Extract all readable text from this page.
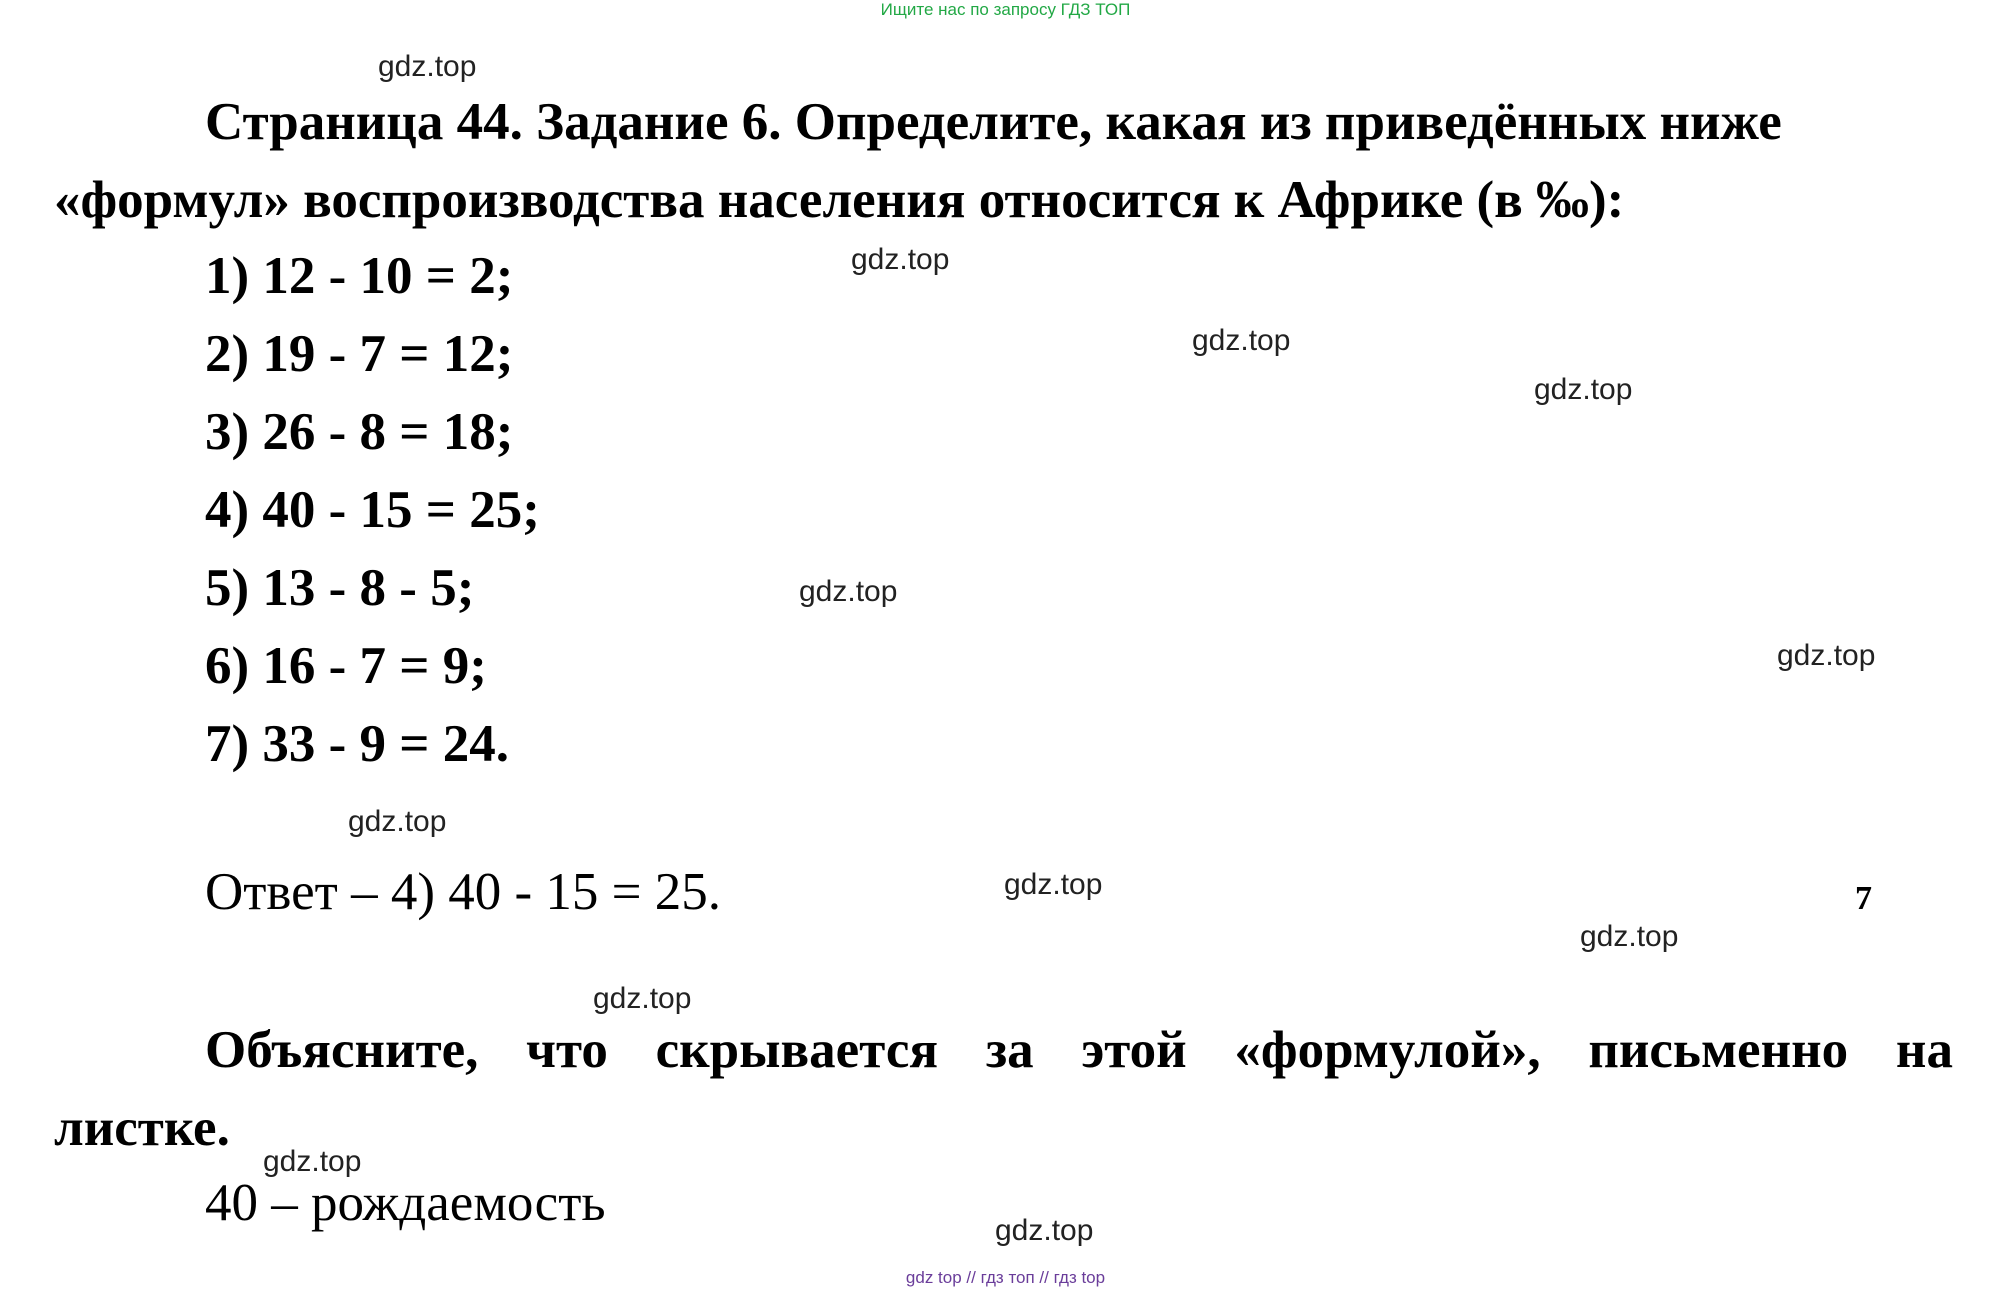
Ищите нас по запросу ГДЗ ТОП
gdz.top
gdz.top
gdz.top
gdz.top
gdz.top
gdz.top
gdz.top
gdz.top
gdz.top
gdz.top
gdz.top
gdz.top
Страница 44. Задание 6. Определите, какая из приведённых ниже
«формул» воспроизводства населения относится к Африке (в ‰):
1) 12 - 10 = 2;
2) 19 - 7 = 12;
3) 26 - 8 = 18;
4) 40 - 15 = 25;
5) 13 - 8 - 5;
6) 16 - 7 = 9;
7) 33 - 9 = 24.
Ответ – 4) 40 - 15 = 25.	7
Объясните, что скрывается за этой «формулой», письменно на
листке.
40 – рождаемость
gdz top // гдз топ // гдз top
